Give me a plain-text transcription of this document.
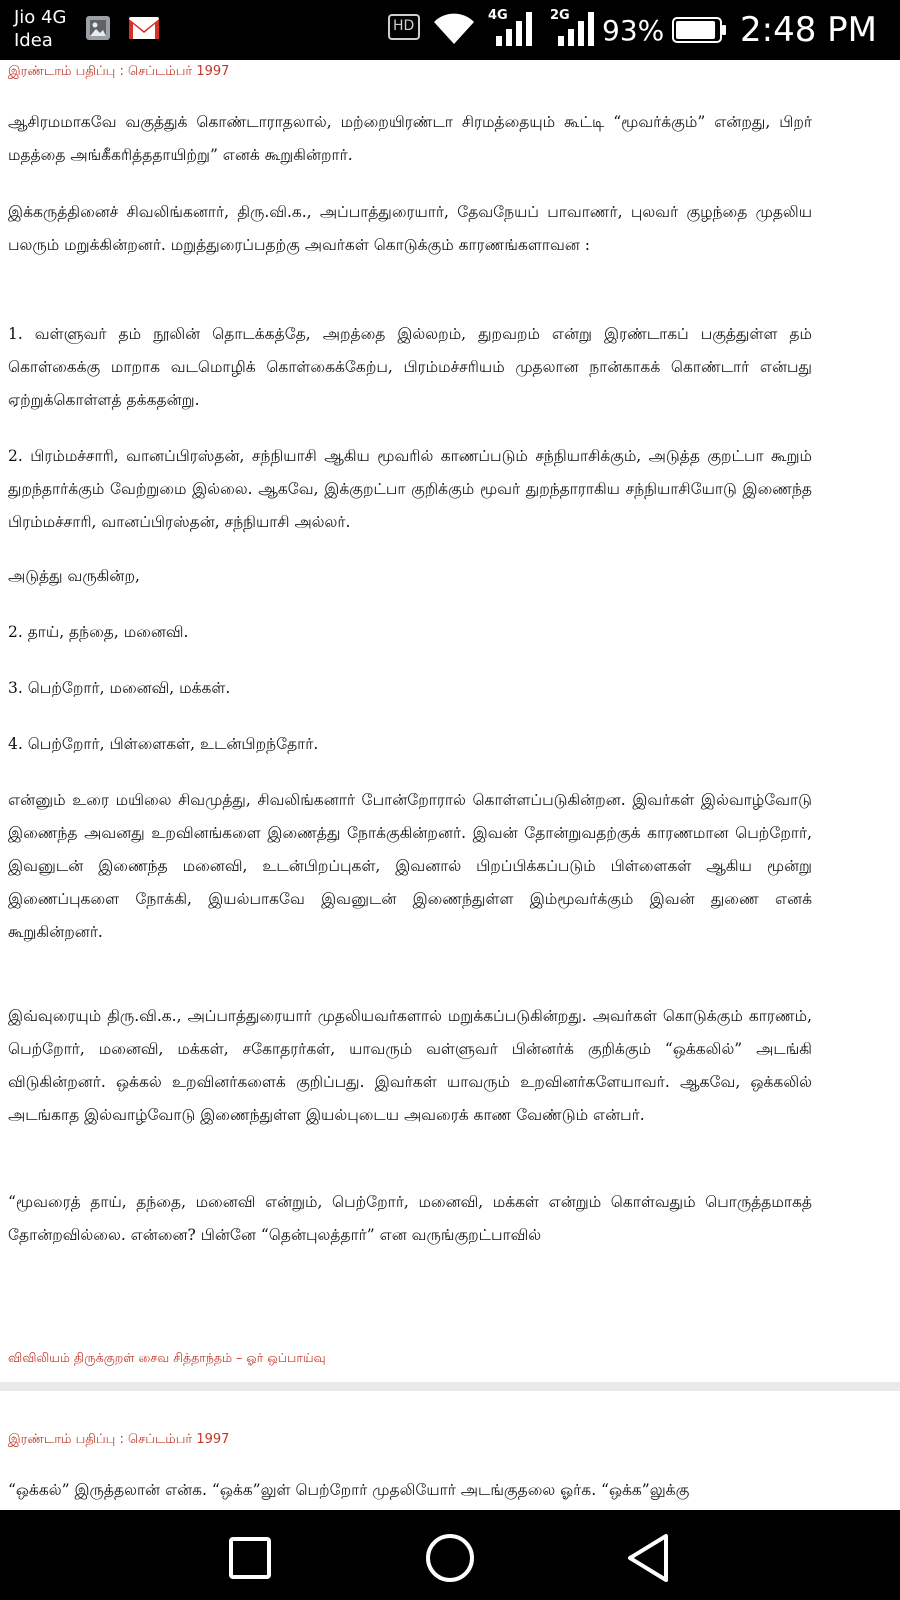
Jio 4G
Idea
HD
4G	2G 93% 2:48 PM
இரண்டாம் பதிப்பு : செப்டம்பர் 1997
ஆசிரமமாகவே வகுத்துக் கொண்டாராதலால், மற்றையிரண்டா சிரமத்தையும் கூட்டி “மூவர்க்கும்” என்றது, பிறர் மதத்தை அங்கீகரித்ததாயிற்று” எனக் கூறுகின்றார்.
இக்கருத்தினைச் சிவலிங்கனார், திரு.வி.க., அப்பாத்துரையார், தேவநேயப் பாவாணர், புலவர் குழந்தை முதலிய பலரும் மறுக்கின்றனர். மறுத்துரைப்பதற்கு அவர்கள் கொடுக்கும் காரணங்களாவன :
1. வள்ளுவர் தம் நூலின் தொடக்கத்தே, அறத்தை இல்லறம், துறவறம் என்று இரண்டாகப் பகுத்துள்ள தம் கொள்கைக்கு மாறாக வடமொழிக் கொள்கைக்கேற்ப, பிரம்மச்சரியம் முதலான நான்காகக் கொண்டார் என்பது ஏற்றுக்கொள்ளத் தக்கதன்று.
2. பிரம்மச்சாரி, வானப்பிரஸ்தன், சந்நியாசி ஆகிய மூவரில் காணப்படும் சந்நியாசிக்கும், அடுத்த குறட்பா கூறும் துறந்தார்க்கும் வேற்றுமை இல்லை. ஆகவே, இக்குறட்பா குறிக்கும் மூவர் துறந்தாராகிய சந்நியாசியோடு இணைந்த பிரம்மச்சாரி, வானப்பிரஸ்தன், சந்நியாசி அல்லர்.
அடுத்து வருகின்ற,
2. தாய், தந்தை, மனைவி.
3. பெற்றோர், மனைவி, மக்கள்.
4. பெற்றோர், பிள்ளைகள், உடன்பிறந்தோர்.
என்னும் உரை மயிலை சிவமுத்து, சிவலிங்கனார் போன்றோரால் கொள்ளப்படுகின்றன. இவர்கள் இல்வாழ்வோடு இணைந்த அவனது உறவினங்களை இணைத்து நோக்குகின்றனர். இவன் தோன்றுவதற்குக் காரணமான பெற்றோர், இவனுடன் இணைந்த மனைவி, உடன்பிறப்புகள், இவனால் பிறப்பிக்கப்படும் பிள்ளைகள் ஆகிய மூன்று இணைப்புகளை நோக்கி, இயல்பாகவே இவனுடன் இணைந்துள்ள இம்மூவர்க்கும் இவன் துணை எனக் கூறுகின்றனர்.
இவ்வுரையும் திரு.வி.க., அப்பாத்துரையார் முதலியவர்களால் மறுக்கப்படுகின்றது. அவர்கள் கொடுக்கும் காரணம், பெற்றோர், மனைவி, மக்கள், சகோதரர்கள், யாவரும் வள்ளுவர் பின்னர்க் குறிக்கும் “ஒக்கலில்” அடங்கி விடுகின்றனர். ஒக்கல் உறவினர்களைக் குறிப்பது. இவர்கள் யாவரும் உறவினர்களேயாவர். ஆகவே, ஒக்கலில் அடங்காத இல்வாழ்வோடு இணைந்துள்ள இயல்புடைய அவரைக் காண வேண்டும் என்பர்.
“மூவரைத் தாய், தந்தை, மனைவி என்றும், பெற்றோர், மனைவி, மக்கள் என்றும் கொள்வதும் பொருத்தமாகத் தோன்றவில்லை. என்னை? பின்னே “தென்புலத்தார்” என வருங்குறட்பாவில்
விவிலியம் திருக்குறள் சைவ சித்தாந்தம் – ஓர் ஒப்பாய்வு
இரண்டாம் பதிப்பு : செப்டம்பர் 1997
“ஒக்கல்” இருத்தலான் என்க. “ஒக்க”லுள் பெற்றோர் முதலியோர் அடங்குதலை ஓர்க. “ஒக்க”லுக்கு
